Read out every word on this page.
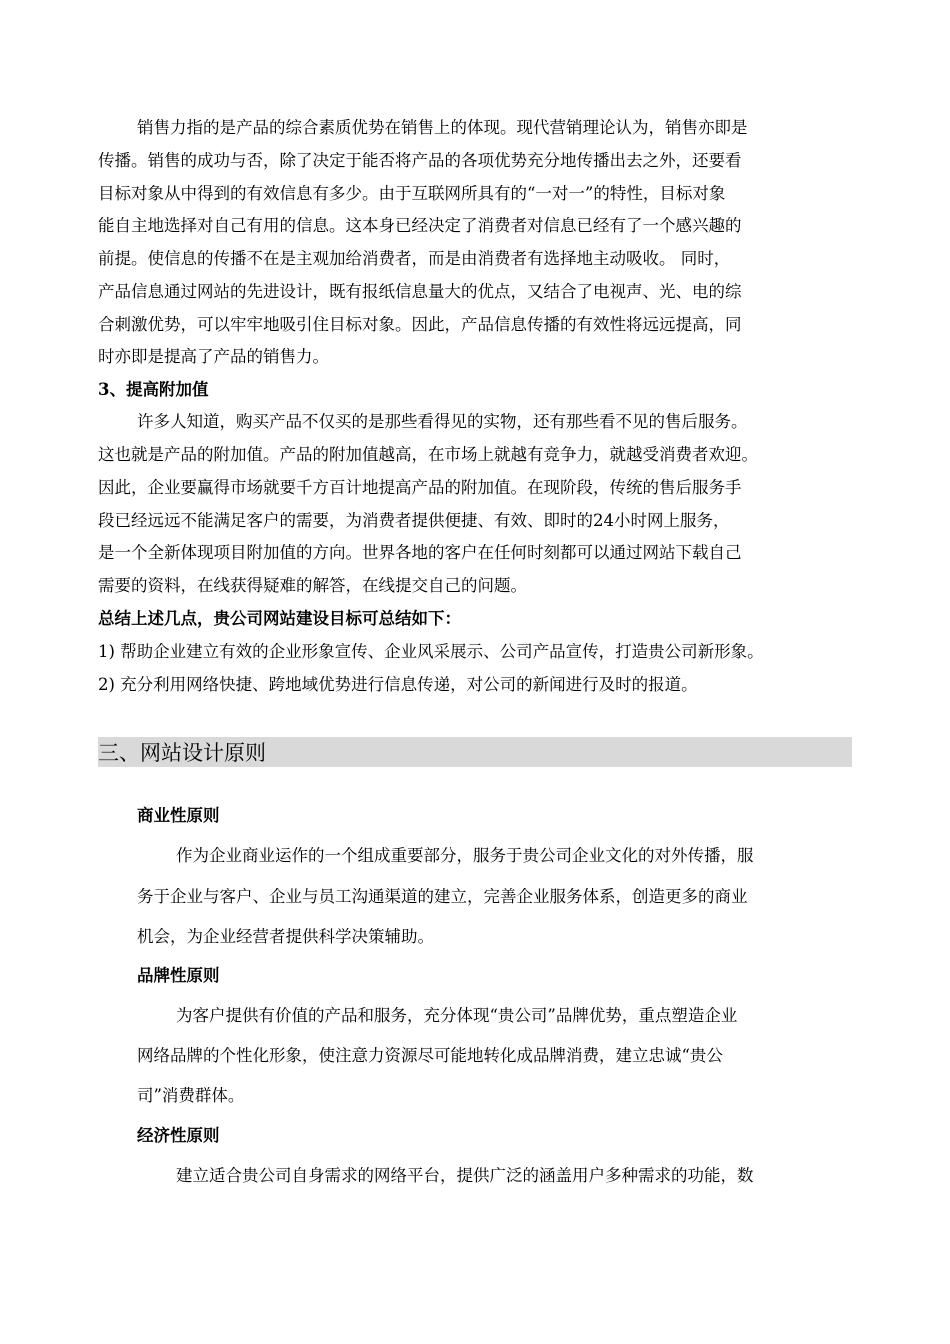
销售力指的是产品的综合素质优势在销售上的体现。现代营销理论认为，销售亦即是
传播。销售的成功与否，除了决定于能否将产品的各项优势充分地传播出去之外，还要看
目标对象从中得到的有效信息有多少。由于互联网所具有的“一对一”的特性，目标对象
能自主地选择对自己有用的信息。这本身已经决定了消费者对信息已经有了一个感兴趣的
前提。使信息的传播不在是主观加给消费者，而是由消费者有选择地主动吸收。 同时，
产品信息通过网站的先进设计，既有报纸信息量大的优点，又结合了电视声、光、电的综
合刺激优势，可以牢牢地吸引住目标对象。因此，产品信息传播的有效性将远远提高，同
时亦即是提高了产品的销售力。
3、提高附加值
许多人知道，购买产品不仅买的是那些看得见的实物，还有那些看不见的售后服务。
这也就是产品的附加值。产品的附加值越高，在市场上就越有竞争力，就越受消费者欢迎。
因此，企业要赢得市场就要千方百计地提高产品的附加值。在现阶段，传统的售后服务手
段已经远远不能满足客户的需要，为消费者提供便捷、有效、即时的24小时网上服务，
是一个全新体现项目附加值的方向。世界各地的客户在任何时刻都可以通过网站下载自己
需要的资料，在线获得疑难的解答，在线提交自己的问题。
总结上述几点，贵公司网站建设目标可总结如下：
1) 帮助企业建立有效的企业形象宣传、企业风采展示、公司产品宣传，打造贵公司新形象。
2) 充分利用网络快捷、跨地域优势进行信息传递，对公司的新闻进行及时的报道。
三、网站设计原则
商业性原则
作为企业商业运作的一个组成重要部分，服务于贵公司企业文化的对外传播，服
务于企业与客户、企业与员工沟通渠道的建立，完善企业服务体系，创造更多的商业
机会，为企业经营者提供科学决策辅助。
品牌性原则
为客户提供有价值的产品和服务，充分体现“贵公司”品牌优势，重点塑造企业
网络品牌的个性化形象，使注意力资源尽可能地转化成品牌消费，建立忠诚“贵公
司”消费群体。
经济性原则
建立适合贵公司自身需求的网络平台，提供广泛的涵盖用户多种需求的功能，数
